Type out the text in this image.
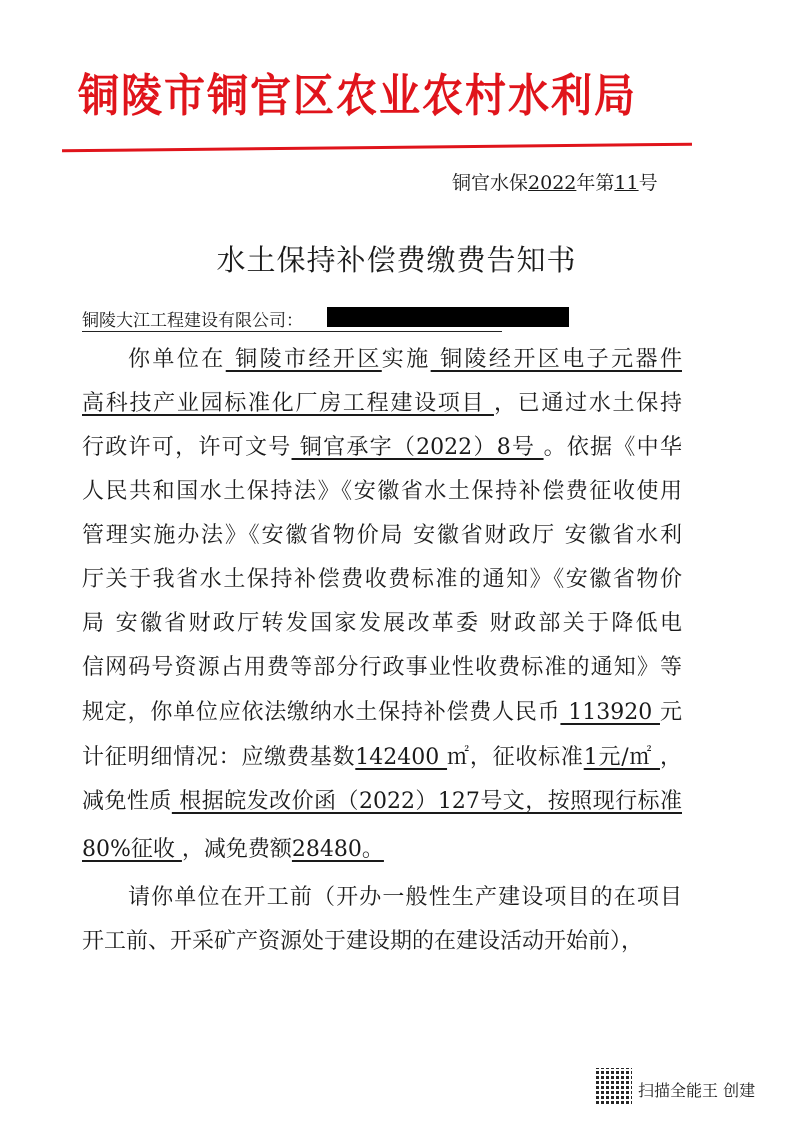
铜陵市铜官区农业农村水利局
铜官水保2022年第11号
水土保持补偿费缴费告知书
铜陵大江工程建设有限公司：
你单位在 铜陵市经开区实施 铜陵经开区电子元器件
高科技产业园标准化厂房工程建设项目 ，已通过水土保持
行政许可，许可文号 铜官承字（2022）8号 。依据《中华
人民共和国水土保持法》《安徽省水土保持补偿费征收使用
管理实施办法》《安徽省物价局 安徽省财政厅 安徽省水利
厅关于我省水土保持补偿费收费标准的通知》《安徽省物价
局 安徽省财政厅转发国家发展改革委 财政部关于降低电
信网码号资源占用费等部分行政事业性收费标准的通知》等
规定，你单位应依法缴纳水土保持补偿费人民币 113920 元
计征明细情况：应缴费基数142400 ㎡，征收标准1元/㎡ ，
减免性质 根据皖发改价函（2022）127号文，按照现行标准
80%征收 ，减免费额28480。
请你单位在开工前（开办一般性生产建设项目的在项目
开工前、开采矿产资源处于建设期的在建设活动开始前），
扫描全能王 创建
